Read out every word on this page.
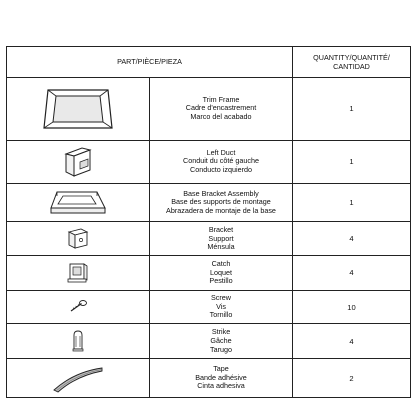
PART/PIÈCE/PIEZA		QUANTITY/QUANTITÉ/
CANTIDAD

Trim Frame
Cadre d'encastrement
Marco del acabado	1

Left Duct
Conduit du côté gauche
Conducto izquierdo	1

Base Bracket Assembly
Base des supports de montage
Abrazadera de montaje de la base	1

Bracket
Support
Ménsula	4

Catch
Loquet
Pestillo	4

Screw
Vis
Tornillo	10

Strike
Gâche
Tarugo	4

Tape
Bande adhésive
Cinta adhesiva	2
